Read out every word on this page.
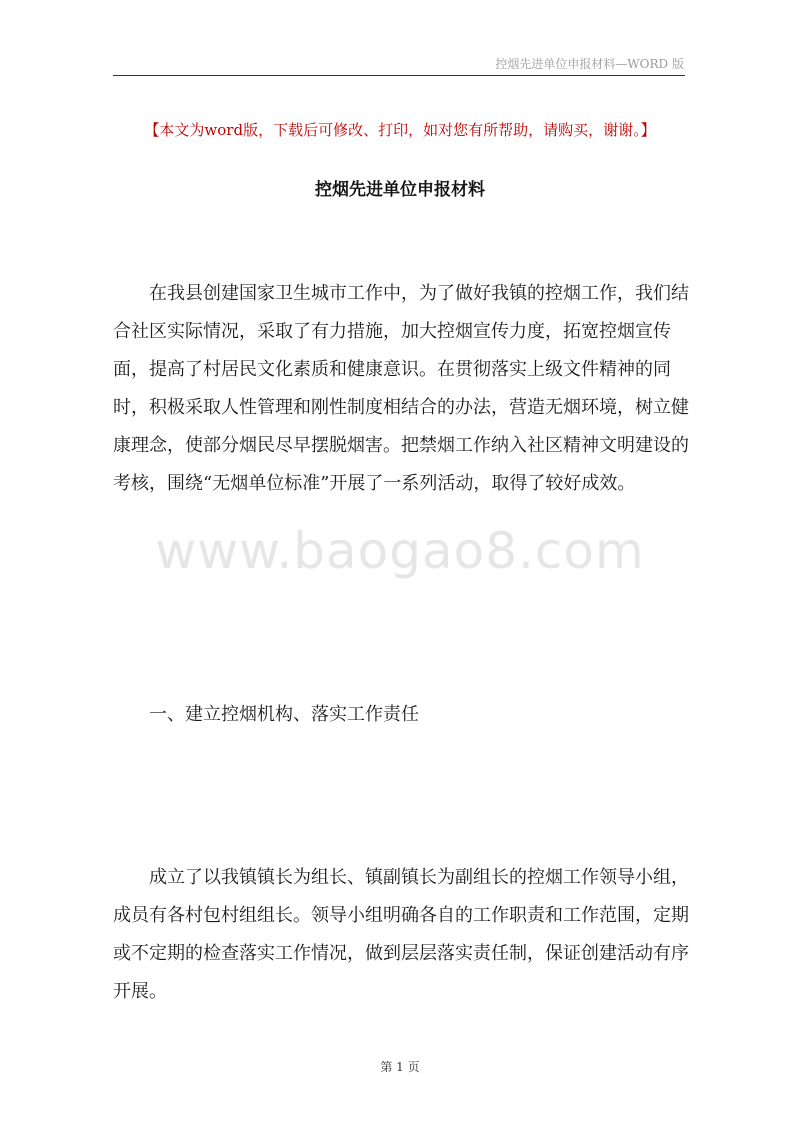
控烟先进单位申报材料—WORD 版
【本文为word版，下载后可修改、打印，如对您有所帮助，请购买，谢谢。】
控烟先进单位申报材料

在我县创建国家卫生城市工作中，为了做好我镇的控烟工作，我们结合社区实际情况，采取了有力措施，加大控烟宣传力度，拓宽控烟宣传面，提高了村居民文化素质和健康意识。在贯彻落实上级文件精神的同时，积极采取人性管理和刚性制度相结合的办法，营造无烟环境，树立健康理念，使部分烟民尽早摆脱烟害。把禁烟工作纳入社区精神文明建设的考核，围绕“无烟单位标准”开展了一系列活动，取得了较好成效。

www.baogao8.com
一、建立控烟机构、落实工作责任

成立了以我镇镇长为组长、镇副镇长为副组长的控烟工作领导小组，成员有各村包村组组长。领导小组明确各自的工作职责和工作范围，定期或不定期的检查落实工作情况，做到层层落实责任制，保证创建活动有序开展。

第 1 页
